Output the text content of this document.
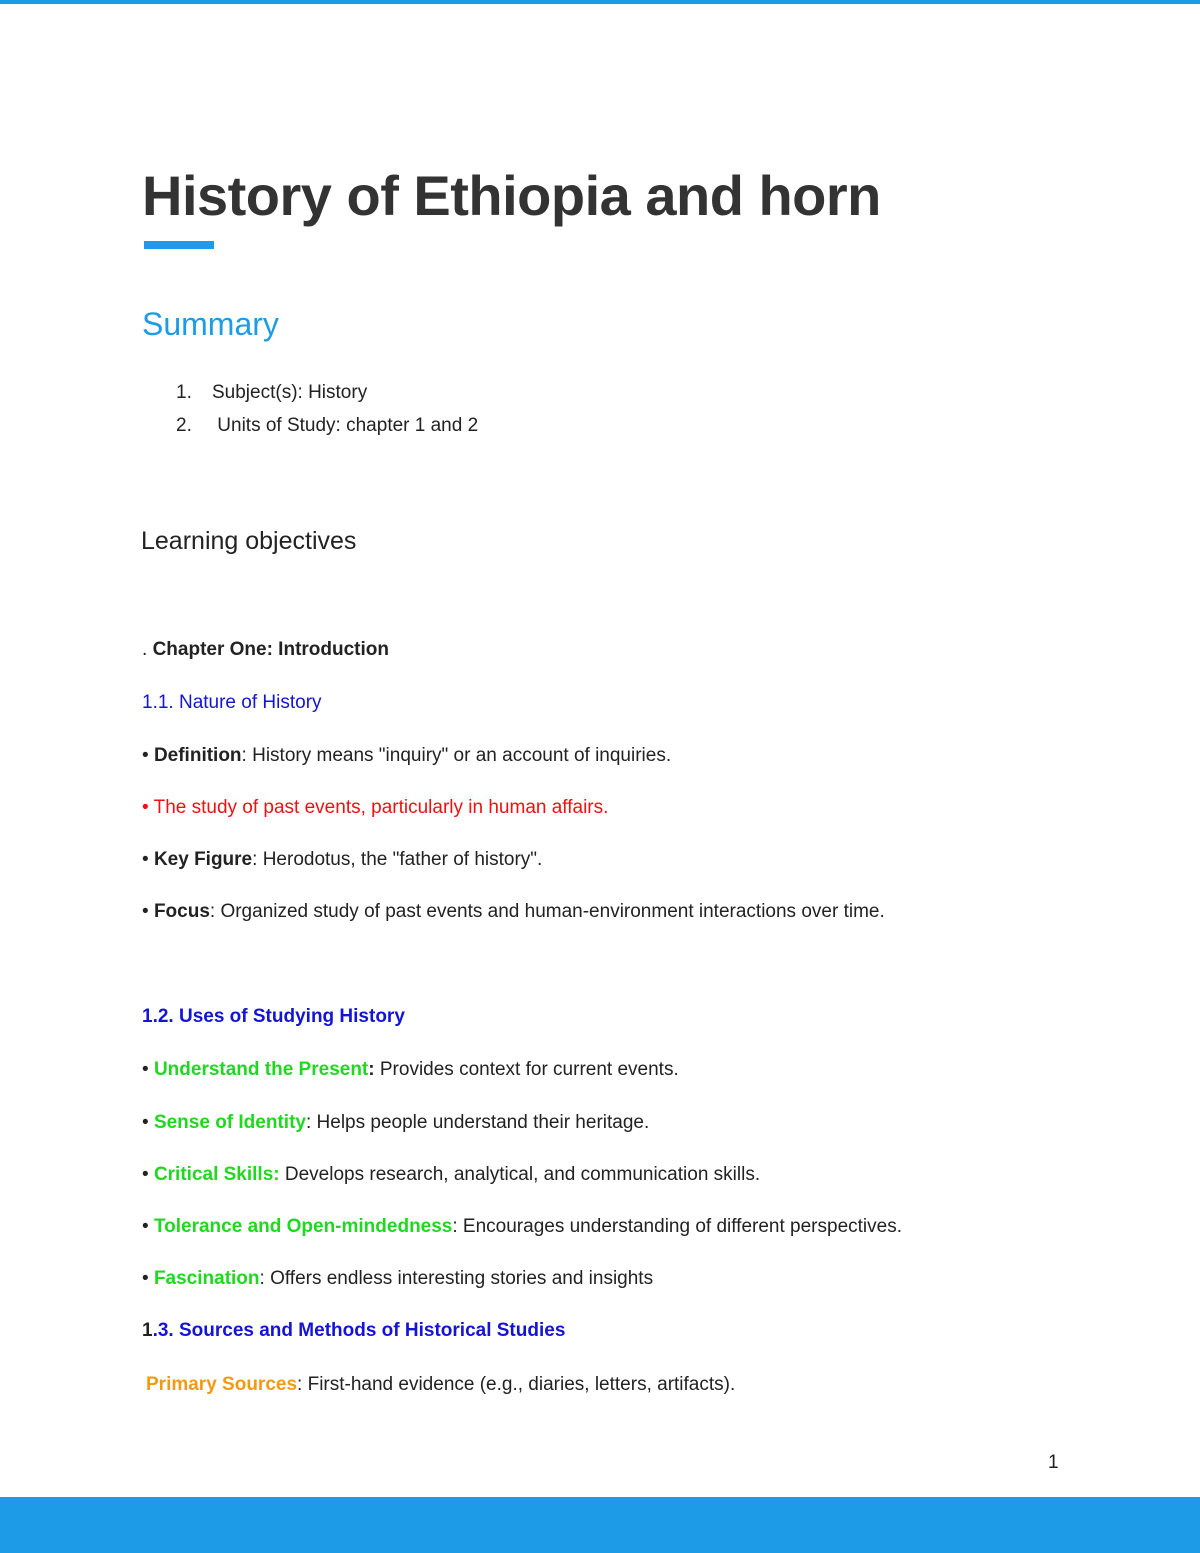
History of Ethiopia and horn
Summary
1. Subject(s): History
2. Units of Study: chapter 1 and 2
Learning objectives
. Chapter One: Introduction
1.1. Nature of History
• Definition: History means "inquiry" or an account of inquiries.
• The study of past events, particularly in human affairs.
• Key Figure: Herodotus, the "father of history".
• Focus: Organized study of past events and human-environment interactions over time.
1.2. Uses of Studying History
• Understand the Present: Provides context for current events.
• Sense of Identity: Helps people understand their heritage.
• Critical Skills: Develops research, analytical, and communication skills.
• Tolerance and Open-mindedness: Encourages understanding of different perspectives.
• Fascination: Offers endless interesting stories and insights
1.3. Sources and Methods of Historical Studies
Primary Sources: First-hand evidence (e.g., diaries, letters, artifacts).
1
